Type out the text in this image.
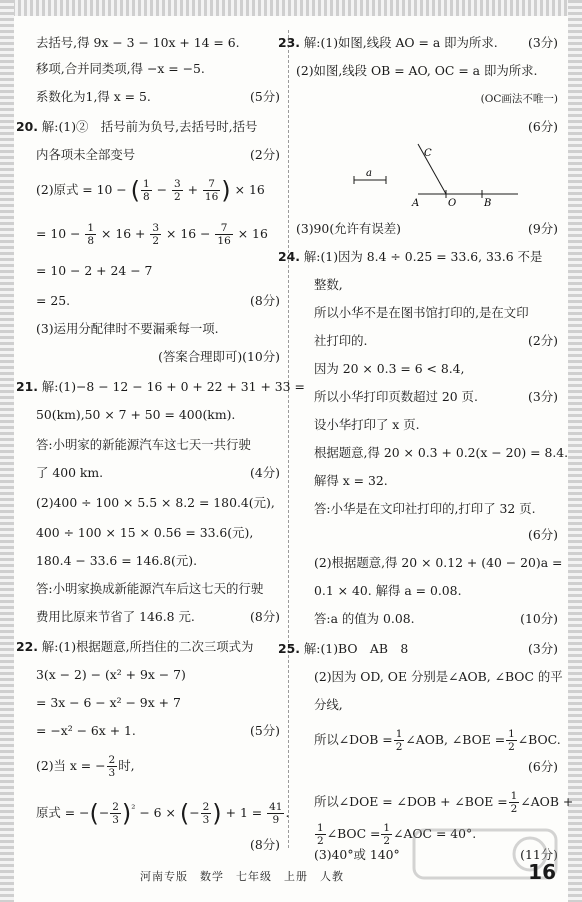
去括号,得 9x − 3 − 10x + 14 = 6.
移项,合并同类项,得 −x = −5.
系数化为1,得 x = 5.	(5分)
20. 解:(1)②　括号前为负号,去括号时,括号
内各项未全部变号	(2分)
(2)原式 = 10 − ( $\frac{1}{8} - \frac{3}{2} + \frac{7}{16}$ ) × 16
= $10 - \frac{1}{8} \times 16 + \frac{3}{2} \times 16 - \frac{7}{16} \times 16$
= 10 − 2 + 24 − 7
= 25.	(8分)
(3)运用分配律时不要漏乘每一项.
(答案合理即可)(10分)
21. 解:(1)−8 − 12 − 16 + 0 + 22 + 31 + 33 =
50(km),50 × 7 + 50 = 400(km).
答:小明家的新能源汽车这七天一共行驶
了 400 km.	(4分)
(2)400 ÷ 100 × 5.5 × 8.2 = 180.4(元),
400 ÷ 100 × 15 × 0.56 = 33.6(元),
180.4 − 33.6 = 146.8(元).
答:小明家换成新能源汽车后这七天的行驶
费用比原来节省了 146.8 元.	(8分)
22. 解:(1)根据题意,所挡住的二次三项式为
3(x − 2) − (x² + 9x − 7)
= 3x − 6 − x² − 9x + 7
= −x² − 6x + 1.	(5分)
(2)当 x = − $\frac{2}{3}$ 时,
原式 = −(− $\frac{2}{3} )^{^2} - 6$ × (− $\frac{2}{3}$ ) + $1 = \frac{41}{9}$ .
(8分)
23. 解:(1)如图,线段 AO = a 即为所求. (3分)
(2)如图,线段 OB = AO, OC = a 即为所求.
(OC画法不唯一)
(6分)
a
C
A	O	B
(3)90(允许有误差)	(9分)
24. 解:(1)因为 8.4 ÷ 0.25 = 33.6, 33.6 不是
整数,
所以小华不是在图书馆打印的,是在文印
社打印的.	(2分)
因为 20 × 0.3 = 6 < 8.4,
所以小华打印页数超过 20 页.	(3分)
设小华打印了 x 页.
根据题意,得 20 × 0.3 + 0.2(x − 20) = 8.4.
解得 x = 32.
答:小华是在文印社打印的,打印了 32 页.
(6分)
(2)根据题意,得 20 × 0.12 + (40 − 20)a =
0.1 × 40. 解得 a = 0.08.
答:a 的值为 0.08.	(10分)
25. 解:(1)BO　AB　8	(3分)
(2)因为 OD, OE 分别是∠AOB, ∠BOC 的平
分线,
所以∠DOB = $\frac{1}{2}$ ∠AOB, ∠BOE = $\frac{1}{2}$ ∠BOC.
(6分)
所以∠DOE = ∠DOB + ∠BOE = $\frac{1}{2}$ ∠AOB +
$\frac{1}{2}$ ∠BOC = $\frac{1}{2}$ ∠AOC = 40°.
(3)40°或 140°	(11分)
河南专版　数学　七年级　上册　人教	16
